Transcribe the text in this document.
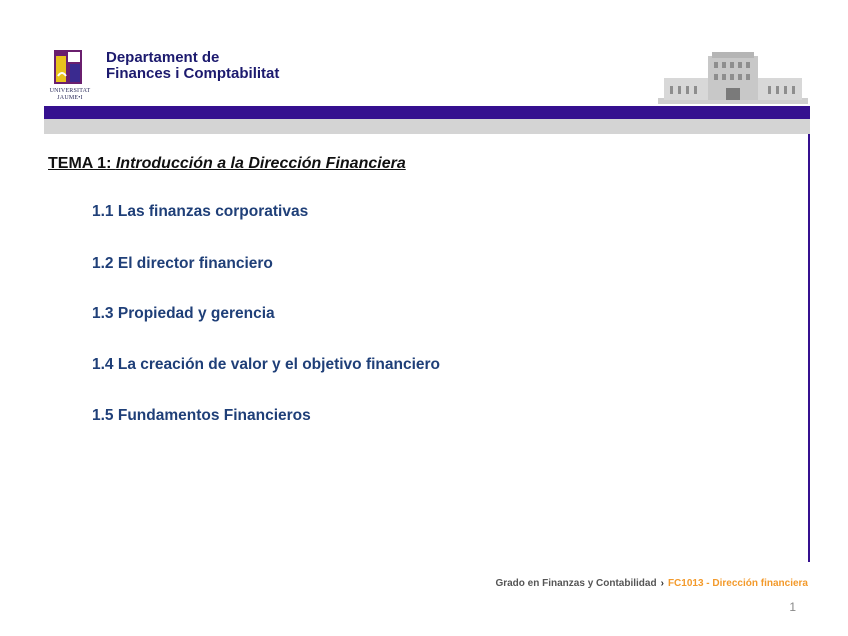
UNIVERSITAT
JAUME•I
Departament de
Finances i Comptabilitat
TEMA 1: Introducción a la Dirección Financiera
1.1 Las finanzas corporativas
1.2 El director financiero
1.3 Propiedad y gerencia
1.4 La creación de valor y el objetivo financiero
1.5 Fundamentos Financieros
Grado en Finanzas y Contabilidad › FC1013 - Dirección financiera
1
